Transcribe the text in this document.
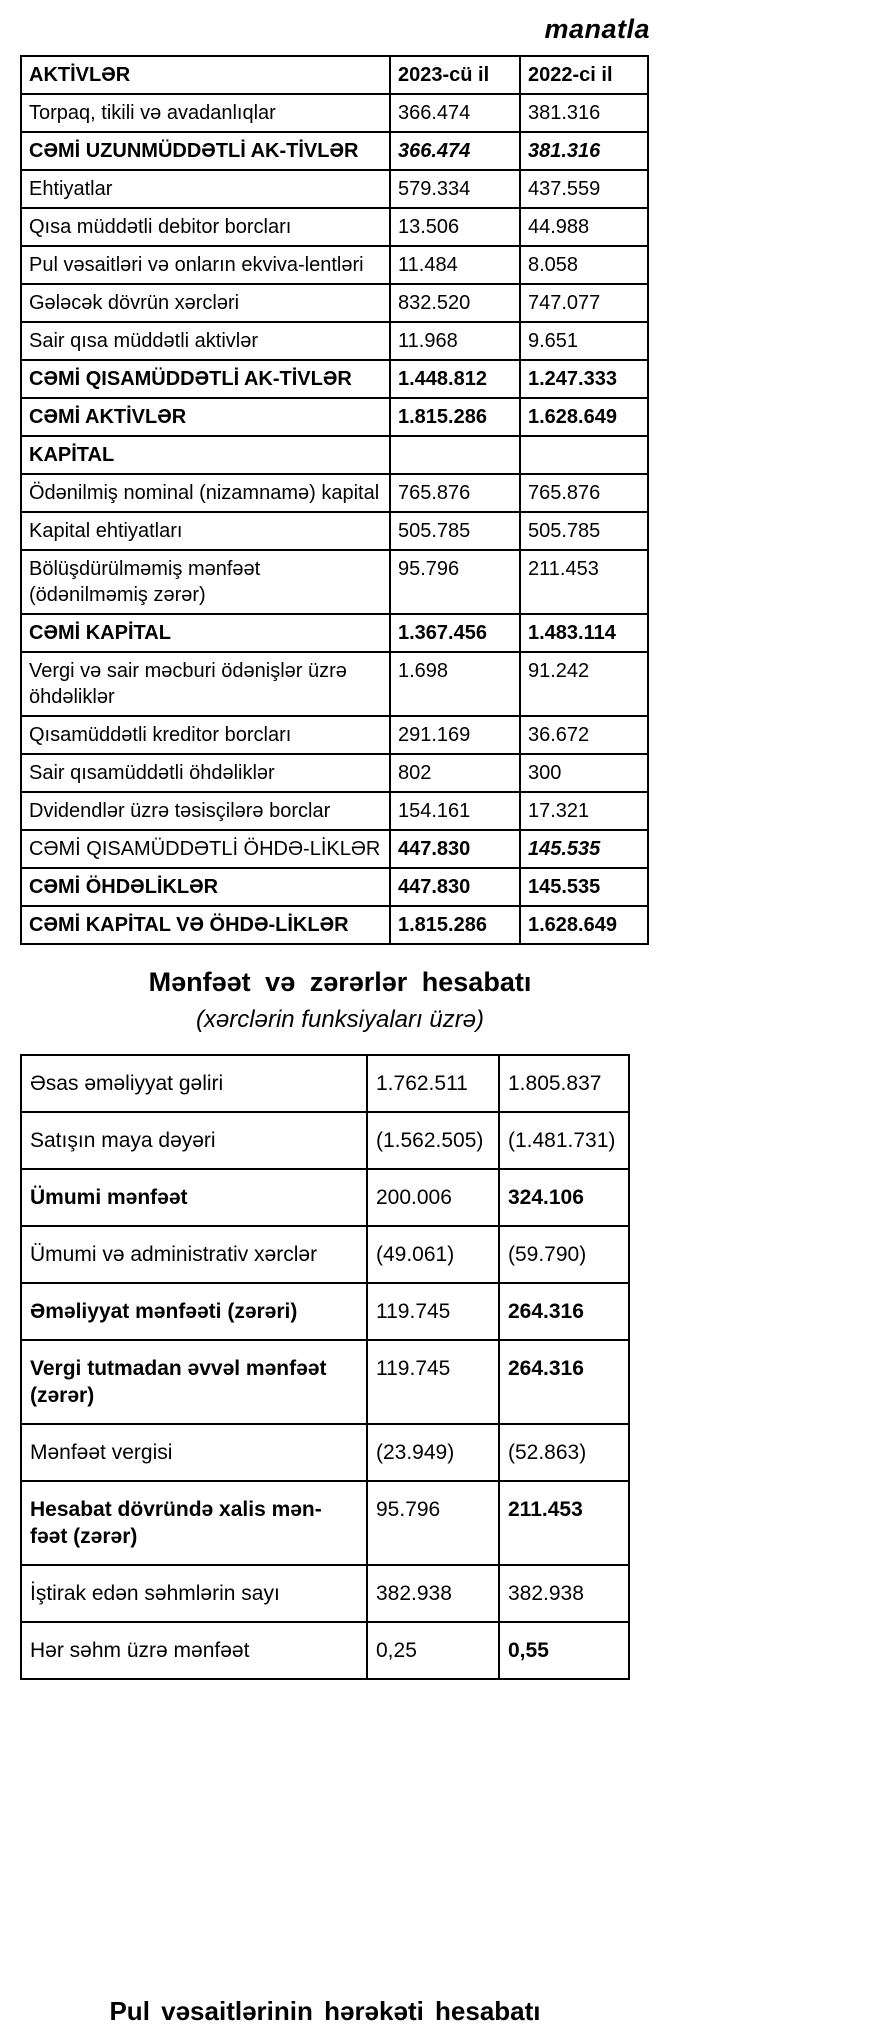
manatla
AKTİVLƏR	2023-cü il	2022-ci il
Torpaq, tikili və avadanlıqlar	366.474	381.316
CƏMİ UZUNMÜDDƏTLİ AK-TİVLƏR	366.474	381.316
Ehtiyatlar	579.334	437.559
Qısa müddətli debitor borcları	13.506	44.988
Pul vəsaitləri və onların ekviva-lentləri	11.484	8.058
Gələcək dövrün xərcləri	832.520	747.077
Sair qısa müddətli aktivlər	11.968	9.651
CƏMİ QISAMÜDDƏTLİ AK-TİVLƏR	1.448.812	1.247.333
CƏMİ AKTİVLƏR	1.815.286	1.628.649
KAPİTAL		
Ödənilmiş nominal (nizamnamə) kapital	765.876	765.876
Kapital ehtiyatları	505.785	505.785
Bölüşdürülməmiş mənfəət (ödənilməmiş zərər)	95.796	211.453
CƏMİ KAPİTAL	1.367.456	1.483.114
Vergi və sair məcburi ödənişlər üzrə öhdəliklər	1.698	91.242
Qısamüddətli kreditor borcları	291.169	36.672
Sair qısamüddətli öhdəliklər	802	300
Dvidendlər üzrə təsisçilərə borclar	154.161	17.321
CƏMİ QISAMÜDDƏTLİ ÖHDƏ-LİKLƏR	447.830	145.535
CƏMİ ÖHDƏLİKLƏR	447.830	145.535
CƏMİ KAPİTAL VƏ ÖHDƏ-LİKLƏR	1.815.286	1.628.649
Mənfəət və zərərlər hesabatı
(xərclərin funksiyaları üzrə)
Əsas əməliyyat gəliri	1.762.511	1.805.837
Satışın maya dəyəri	(1.562.505)	(1.481.731)
Ümumi mənfəət	200.006	324.106
Ümumi və administrativ xərclər	(49.061)	(59.790)
Əməliyyat mənfəəti (zərəri)	119.745	264.316
Vergi tutmadan əvvəl mənfəət (zərər)	119.745	264.316
Mənfəət vergisi	(23.949)	(52.863)
Hesabat dövründə xalis mən-fəət (zərər)	95.796	211.453
İştirak edən səhmlərin sayı	382.938	382.938
Hər səhm üzrə mənfəət	0,25	0,55
Pul vəsaitlərinin hərəkəti hesabatı
